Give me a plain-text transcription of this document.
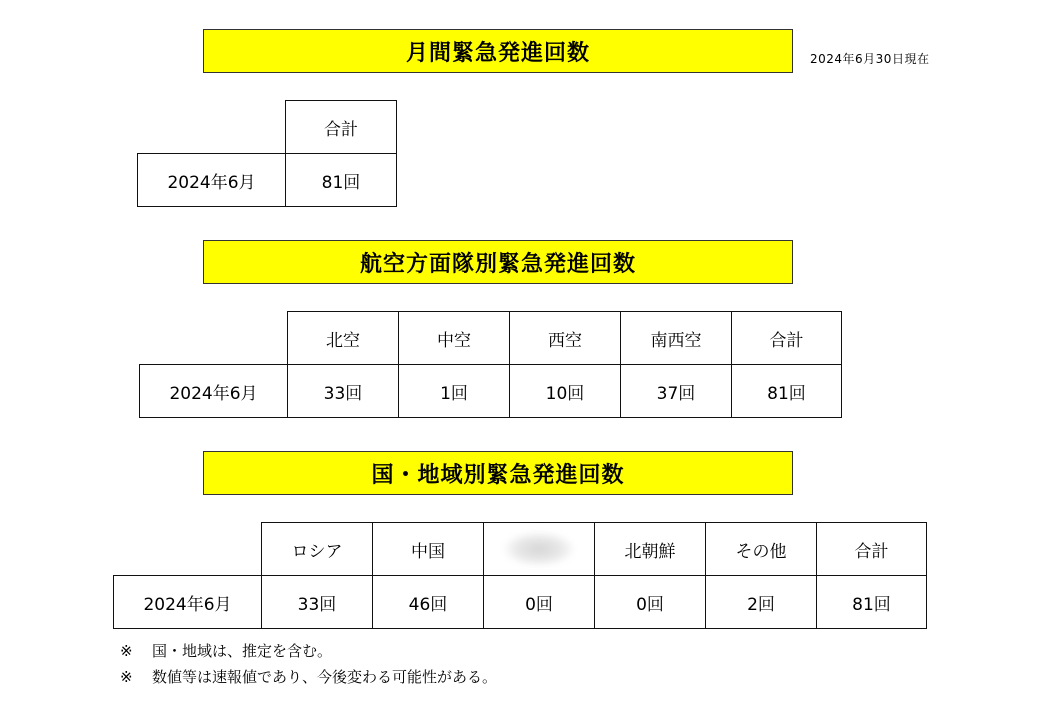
月間緊急発進回数	2024年6月30日現在
	合計
2024年6月	81回
航空方面隊別緊急発進回数
	北空	中空	西空	南西空	合計
2024年6月	33回	1回	10回	37回	81回
国・地域別緊急発進回数
	ロシア	中国		北朝鮮	その他	合計
2024年6月	33回	46回	0回	0回	2回	81回
※ 国・地域は、推定を含む。
※ 数値等は速報値であり、今後変わる可能性がある。
